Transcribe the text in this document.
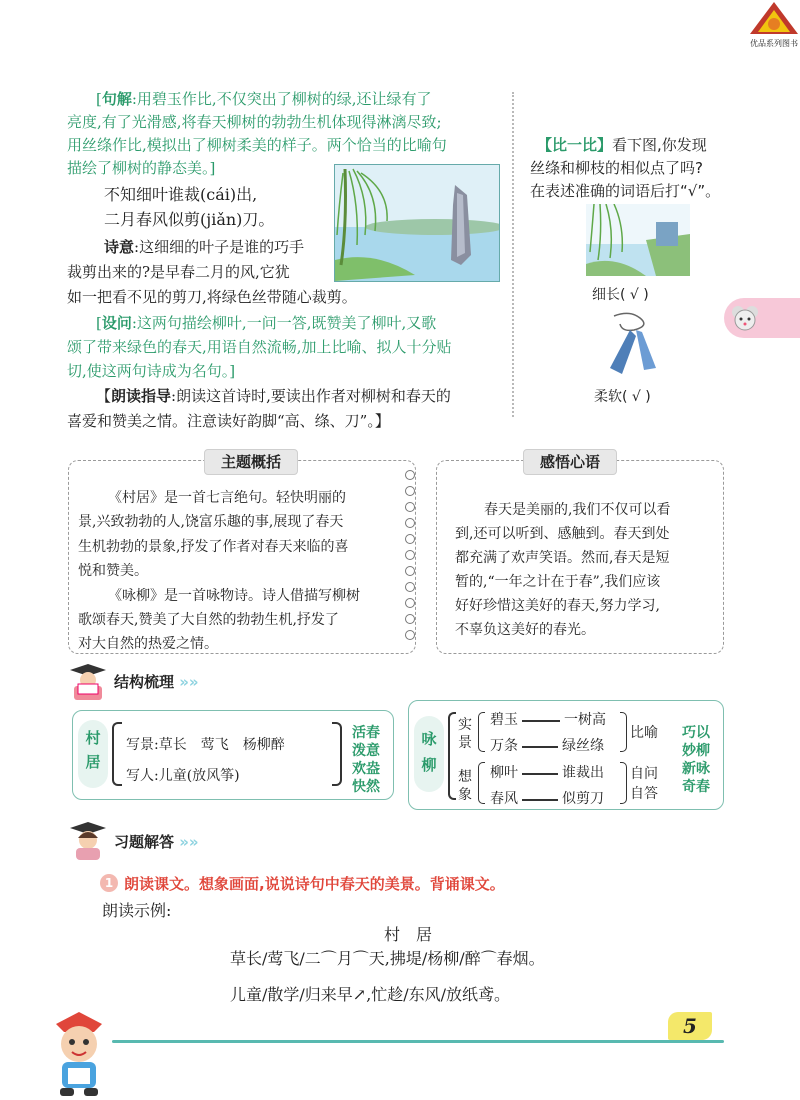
优品系列图书
[句解:用碧玉作比,不仅突出了柳树的绿,还让绿有了
亮度,有了光滑感,将春天柳树的勃勃生机体现得淋漓尽致;
用丝绦作比,模拟出了柳树柔美的样子。两个恰当的比喻句
描绘了柳树的静态美。]
不知细叶谁裁(cái)出,
二月春风似剪(jiǎn)刀。
诗意:这细细的叶子是谁的巧手
裁剪出来的?是早春二月的风,它犹
如一把看不见的剪刀,将绿色丝带随心裁剪。
[设问:这两句描绘柳叶,一问一答,既赞美了柳叶,又歌
颂了带来绿色的春天,用语自然流畅,加上比喻、拟人十分贴
切,使这两句诗成为名句。]
【朗读指导:朗读这首诗时,要读出作者对柳树和春天的
喜爱和赞美之情。注意读好韵脚“高、绦、刀”。】
【比一比】看下图,你发现
丝绦和柳枝的相似点了吗?
在表述准确的词语后打“√”。
细长( √ )
柔软( √ )
主题概括
《村居》是一首七言绝句。轻快明丽的
景,兴致勃勃的人,饶富乐趣的事,展现了春天
生机勃勃的景象,抒发了作者对春天来临的喜
悦和赞美。
《咏柳》是一首咏物诗。诗人借描写柳树
歌颂春天,赞美了大自然的勃勃生机,抒发了
对大自然的热爱之情。
感悟心语
春天是美丽的,我们不仅可以看
到,还可以听到、感触到。春天到处
都充满了欢声笑语。然而,春天是短
暂的,“一年之计在于春”,我们应该
好好珍惜这美好的春天,努力学习,
不辜负这美好的春光。
结构梳理 »»
村
居
写景:草长　莺飞　杨柳醉
写人:儿童(放风筝)
活春
泼意
欢盎
快然
咏
柳
实
景
碧玉	一树高
万条	绿丝绦
比喻
想
象
柳叶	谁裁出
春风	似剪刀
自问
自答
巧以
妙柳
新咏
奇春
习题解答 »»
1 朗读课文。想象画面,说说诗句中春天的美景。背诵课文。
朗读示例:
村　居
草长/莺飞/二⌒月⌒天,拂堤/杨柳/醉⌒春烟。
儿童/散学/归来早↗,忙趁/东风/放纸鸢。
5
